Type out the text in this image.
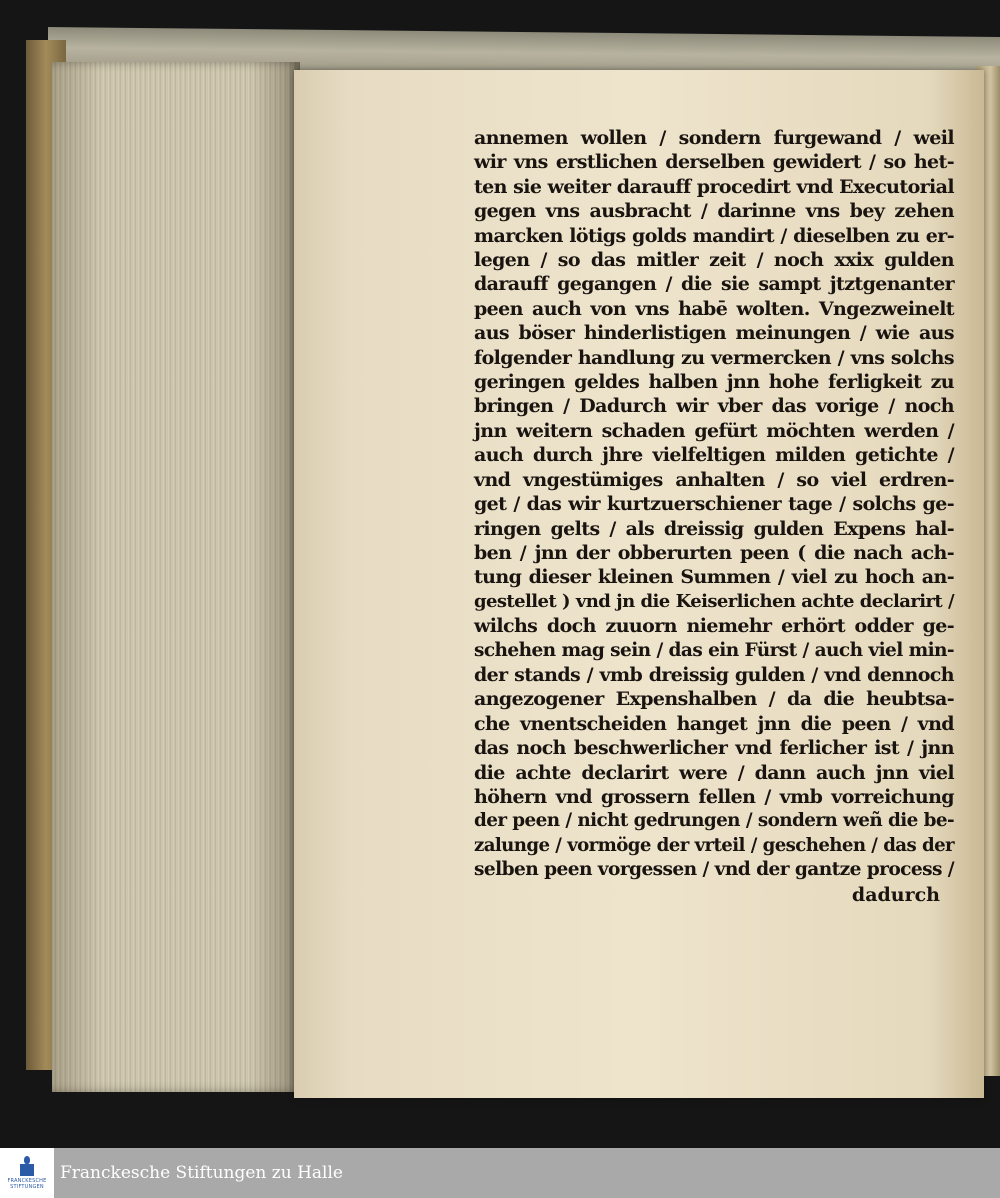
annemen wollen / sondern furgewand / weil
wir vns erstlichen derselben gewidert / so het-
ten sie weiter darauff procedirt vnd Executorial
gegen vns ausbracht / darinne vns bey zehen
marcken lötigs golds mandirt / dieselben zu er-
legen / so das mitler zeit / noch xxix gulden
darauff gegangen / die sie sampt jtztgenanter
peen auch von vns habē wolten. Vngezweinelt
aus böser hinderlistigen meinungen / wie aus
folgender handlung zu vermercken / vns solchs
geringen geldes halben jnn hohe ferligkeit zu
bringen / Dadurch wir vber das vorige / noch
jnn weitern schaden gefürt möchten werden /
auch durch jhre vielfeltigen milden getichte /
vnd vngestümiges anhalten / so viel erdren-
get / das wir kurtzuerschiener tage / solchs ge-
ringen gelts / als dreissig gulden Expens hal-
ben / jnn der obberurten peen ( die nach ach-
tung dieser kleinen Summen / viel zu hoch an-
gestellet ) vnd jn die Keiserlichen achte declarirt /
wilchs doch zuuorn niemehr erhört odder ge-
schehen mag sein / das ein Fürst / auch viel min-
der stands / vmb dreissig gulden / vnd dennoch
angezogener Expenshalben / da die heubtsa-
che vnentscheiden hanget jnn die peen / vnd
das noch beschwerlicher vnd ferlicher ist / jnn
die achte declarirt were / dann auch jnn viel
höhern vnd grossern fellen / vmb vorreichung
der peen / nicht gedrungen / sondern weñ die be-
zalunge / vormöge der vrteil / geschehen / das der
selben peen vorgessen / vnd der gantze process /
dadurch
FRANCKESCHE
STIFTUNGEN
Franckesche Stiftungen zu Halle
